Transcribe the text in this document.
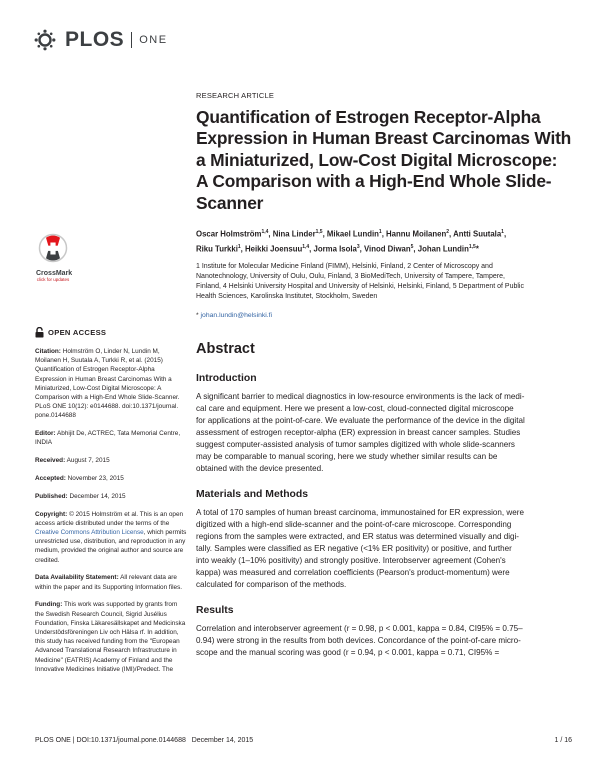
PLOS ONE
CrossMark
click for updates
OPEN ACCESS
Citation: Holmström O, Linder N, Lundin M,
Moilanen H, Suutala A, Turkki R, et al. (2015)
Quantification of Estrogen Receptor-Alpha
Expression in Human Breast Carcinomas With a
Miniaturized, Low-Cost Digital Microscope: A
Comparison with a High-End Whole Slide-Scanner.
PLoS ONE 10(12): e0144688. doi:10.1371/journal.
pone.0144688
Editor: Abhijit De, ACTREC, Tata Memorial Centre,
INDIA
Received: August 7, 2015
Accepted: November 23, 2015
Published: December 14, 2015
Copyright: © 2015 Holmström et al. This is an open
access article distributed under the terms of the
Creative Commons Attribution License, which permits
unrestricted use, distribution, and reproduction in any
medium, provided the original author and source are
credited.
Data Availability Statement: All relevant data are
within the paper and its Supporting Information files.
Funding: This work was supported by grants from
the Swedish Research Council, Sigrid Jusélius
Foundation, Finska Läkaresällskapet and Medicinska
Understödsföreningen Liv och Hälsa rf. In addition,
this study has received funding from the "European
Advanced Translational Research Infrastructure in
Medicine" (EATRIS) Academy of Finland and the
Innovative Medicines Initiative (IMI)/Predect. The
RESEARCH ARTICLE
Quantification of Estrogen Receptor-Alpha
Expression in Human Breast Carcinomas With
a Miniaturized, Low-Cost Digital Microscope:
A Comparison with a High-End Whole Slide-
Scanner
Oscar Holmström$^{1,4}$, Nina Linder$^{1,5}$, Mikael Lundin$^1$, Hannu Moilanen$^2$, Antti Suutala$^1$,
Riku Turkki$^1$, Heikki Joensuu$^{1,4}$, Jorma Isola$^3$, Vinod Diwan$^5$, Johan Lundin$^{1,5}$*
1 Institute for Molecular Medicine Finland (FIMM), Helsinki, Finland, 2 Center of Microscopy and
Nanotechnology, University of Oulu, Oulu, Finland, 3 BioMediTech, University of Tampere, Tampere,
Finland, 4 Helsinki University Hospital and University of Helsinki, Helsinki, Finland, 5 Department of Public
Health Sciences, Karolinska Institutet, Stockholm, Sweden
* johan.lundin@helsinki.fi
Abstract
Introduction
A significant barrier to medical diagnostics in low-resource environments is the lack of medi-
cal care and equipment. Here we present a low-cost, cloud-connected digital microscope
for applications at the point-of-care. We evaluate the performance of the device in the digital
assessment of estrogen receptor-alpha (ER) expression in breast cancer samples. Studies
suggest computer-assisted analysis of tumor samples digitized with whole slide-scanners
may be comparable to manual scoring, here we study whether similar results can be
obtained with the device presented.
Materials and Methods
A total of 170 samples of human breast carcinoma, immunostained for ER expression, were
digitized with a high-end slide-scanner and the point-of-care microscope. Corresponding
regions from the samples were extracted, and ER status was determined visually and digi-
tally. Samples were classified as ER negative (<1% ER positivity) or positive, and further
into weakly (1–10% positivity) and strongly positive. Interobserver agreement (Cohen's
kappa) was measured and correlation coefficients (Pearson's product-momentum) were
calculated for comparison of the methods.
Results
Correlation and interobserver agreement (r = 0.98, p < 0.001, kappa = 0.84, CI95% = 0.75–
0.94) were strong in the results from both devices. Concordance of the point-of-care micro-
scope and the manual scoring was good (r = 0.94, p < 0.001, kappa = 0.71, CI95% =
PLOS ONE | DOI:10.1371/journal.pone.0144688 December 14, 2015	1 / 16
